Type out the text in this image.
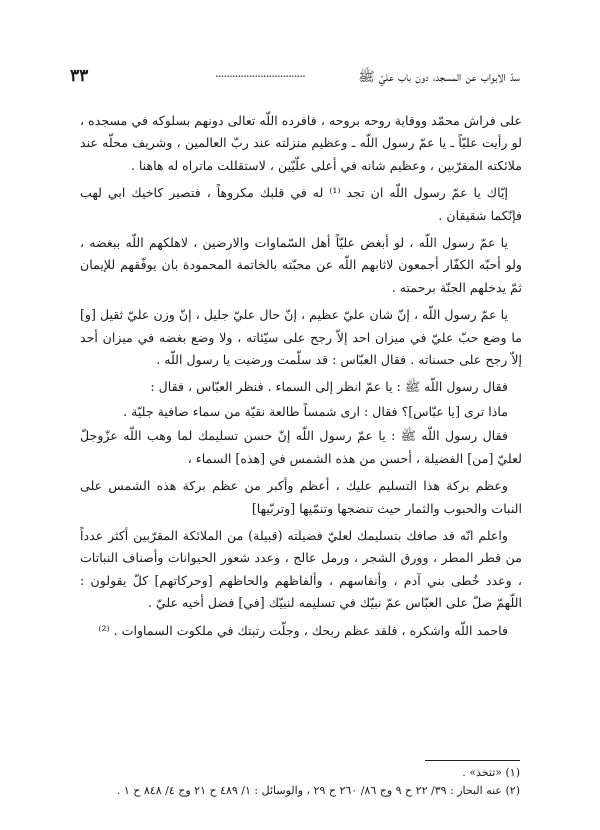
سدّ الابواب عن المسجد، دون باب عليّ ﷺ
................................
٣٣

على فراش محمّد ووقاية روحه بروحه ، فافرده اللّه تعالى دونهم بسلوكه في مسجده ، لو رأيت عليّاً ـ يا عمّ رسول اللّه ـ وعظيم منزلته عند ربّ العالمين ، وشريف محلّه عند ملائكته المقرّبين ، وعظيم شانه في أعلى علّيّين ، لاستقللت ماتراه له هاهنا .

إيّاك يا عمّ رسول اللّه ان تجد ⁽¹⁾ له في قلبك مكروهاً ، فتصير كاخيك ابي لهب فإنّكما شقيقان .

يا عمّ رسول اللّه ، لو أبغض عليّاً أهل السّماوات والارضين ، لاهلكهم اللّه ببغضه ، ولو أحبّه الكفّار أجمعون لاثابهم اللّه عن محبّته بالخاتمة المحمودة بان يوفّقهم للإيمان ثمّ يدخلهم الجنّة برحمته .

يا عمّ رسول اللّه ، إنّ شان عليّ عظيم ، إنّ حال عليّ جليل ، إنّ وزن عليّ ثقيل [و] ما وضع حبّ عليّ في ميزان احد إلاّ رجح على سيّئاته ، ولا وضع بغضه في ميزان أحد إلاّ رجح على حسناته . فقال العبّاس : قد سلّمت ورضيت يا رسول اللّه .

فقال رسول اللّه ﷺ : يا عمّ انظر إلى السماء . فنظر العبّاس ، فقال :

ماذا ترى [يا عبّاس]؟ فقال : ارى شمساً طالعة نقيّة من سماء صافية جليّة .

فقال رسول اللّه ﷺ : يا عمّ رسول اللّه إنّ حسن تسليمك لما وهب اللّه عزّوجلّ لعليّ [من] الفضيلة ، أحسن من هذه الشمس في [هذه] السماء ،

وعظم بركة هذا التسليم عليك ، أعظم وأكبر من عظم بركة هذه الشمس على النبات والحبوب والثمار حيث تنضجها وتنمّيها [وتربّيها]

واعلم انّه قد صافك بتسليمك لعليّ فضيلته (قبيلة) من الملائكة المقرّبين أكثر عدداً من قطر المطر ، وورق الشجر ، ورمل عالج ، وعدد شعور الحيوانات وأصناف النباتات ، وعدد خُطى بني آدم ، وأنفاسهم ، وألفاظهم والحاظهم [وحركاتهم] كلّ يقولون : اللّهمّ صلّ على العبّاس عمّ نبيّك في تسليمه لنبيّك [في] فضل أخيه عليّ .

فاحمد اللّه واشكره ، فلقد عظم ربحك ، وجلّت رتبتك في ملكوت السماوات . ⁽²⁾

(١) «تتخذ» .
(٢) عنه البحار : ٣٩/ ٢٢ ح ٩ وج ٨٦/ ٢٦٠ ح ٢٩ ، والوسائل : ١/ ٤٨٩ ح ٢١ وج ٤/ ٨٤٨ ح ١ .
